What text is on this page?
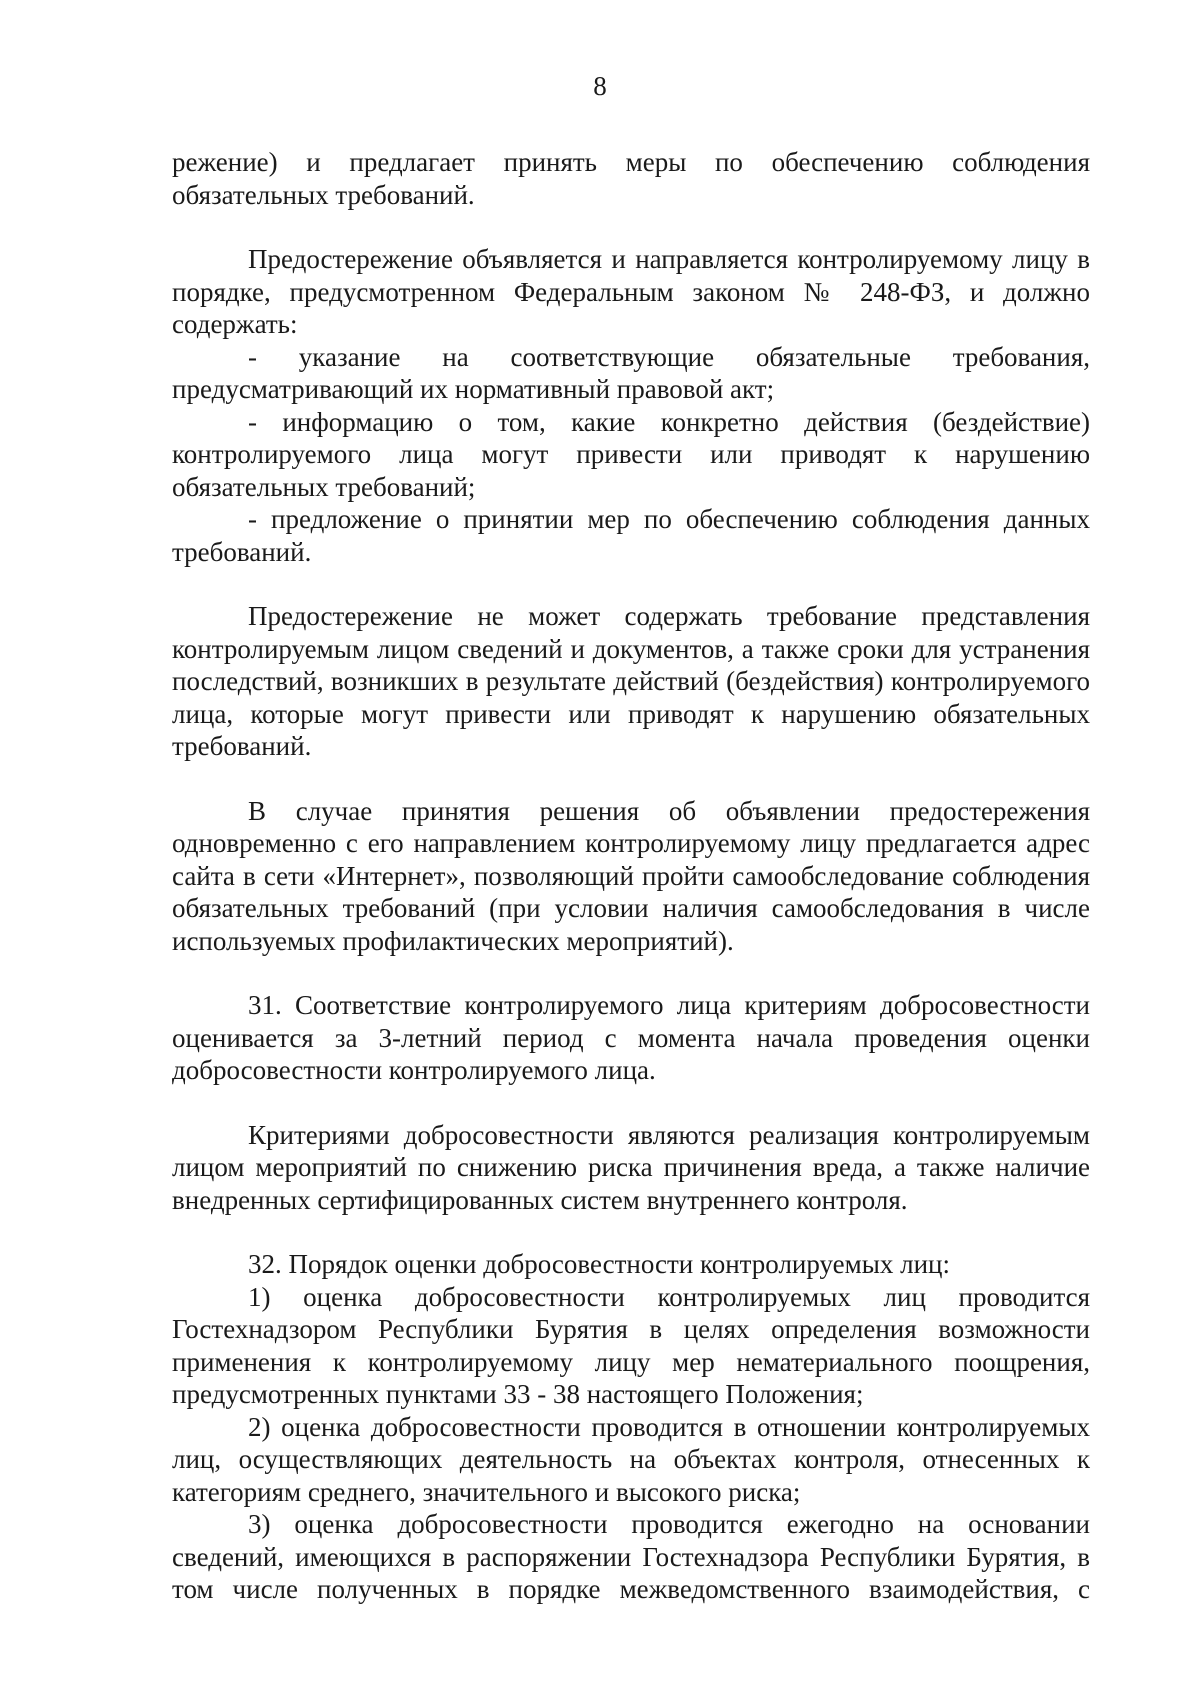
8

режение) и предлагает принять меры по обеспечению соблюдения обязательных требований.

Предостережение объявляется и направляется контролируемому лицу в порядке, предусмотренном Федеральным законом № 248-ФЗ, и должно содержать:

- указание на соответствующие обязательные требования, предусматривающий их нормативный правовой акт;

- информацию о том, какие конкретно действия (бездействие) контролируемого лица могут привести или приводят к нарушению обязательных требований;

- предложение о принятии мер по обеспечению соблюдения данных требований.

Предостережение не может содержать требование представления контролируемым лицом сведений и документов, а также сроки для устранения последствий, возникших в результате действий (бездействия) контролируемого лица, которые могут привести или приводят к нарушению обязательных требований.

В случае принятия решения об объявлении предостережения одновременно с его направлением контролируемому лицу предлагается адрес сайта в сети «Интернет», позволяющий пройти самообследование соблюдения обязательных требований (при условии наличия самообследования в числе используемых профилактических мероприятий).

31. Соответствие контролируемого лица критериям добросовестности оценивается за 3-летний период с момента начала проведения оценки добросовестности контролируемого лица.

Критериями добросовестности являются реализация контролируемым лицом мероприятий по снижению риска причинения вреда, а также наличие внедренных сертифицированных систем внутреннего контроля.

32. Порядок оценки добросовестности контролируемых лиц:

1) оценка добросовестности контролируемых лиц проводится Гостехнадзором Республики Бурятия в целях определения возможности применения к контролируемому лицу мер нематериального поощрения, предусмотренных пунктами 33 - 38 настоящего Положения;

2) оценка добросовестности проводится в отношении контролируемых лиц, осуществляющих деятельность на объектах контроля, отнесенных к категориям среднего, значительного и высокого риска;

3) оценка добросовестности проводится ежегодно на основании сведений, имеющихся в распоряжении Гостехнадзора Республики Бурятия, в том числе полученных в порядке межведомственного взаимодействия, с
